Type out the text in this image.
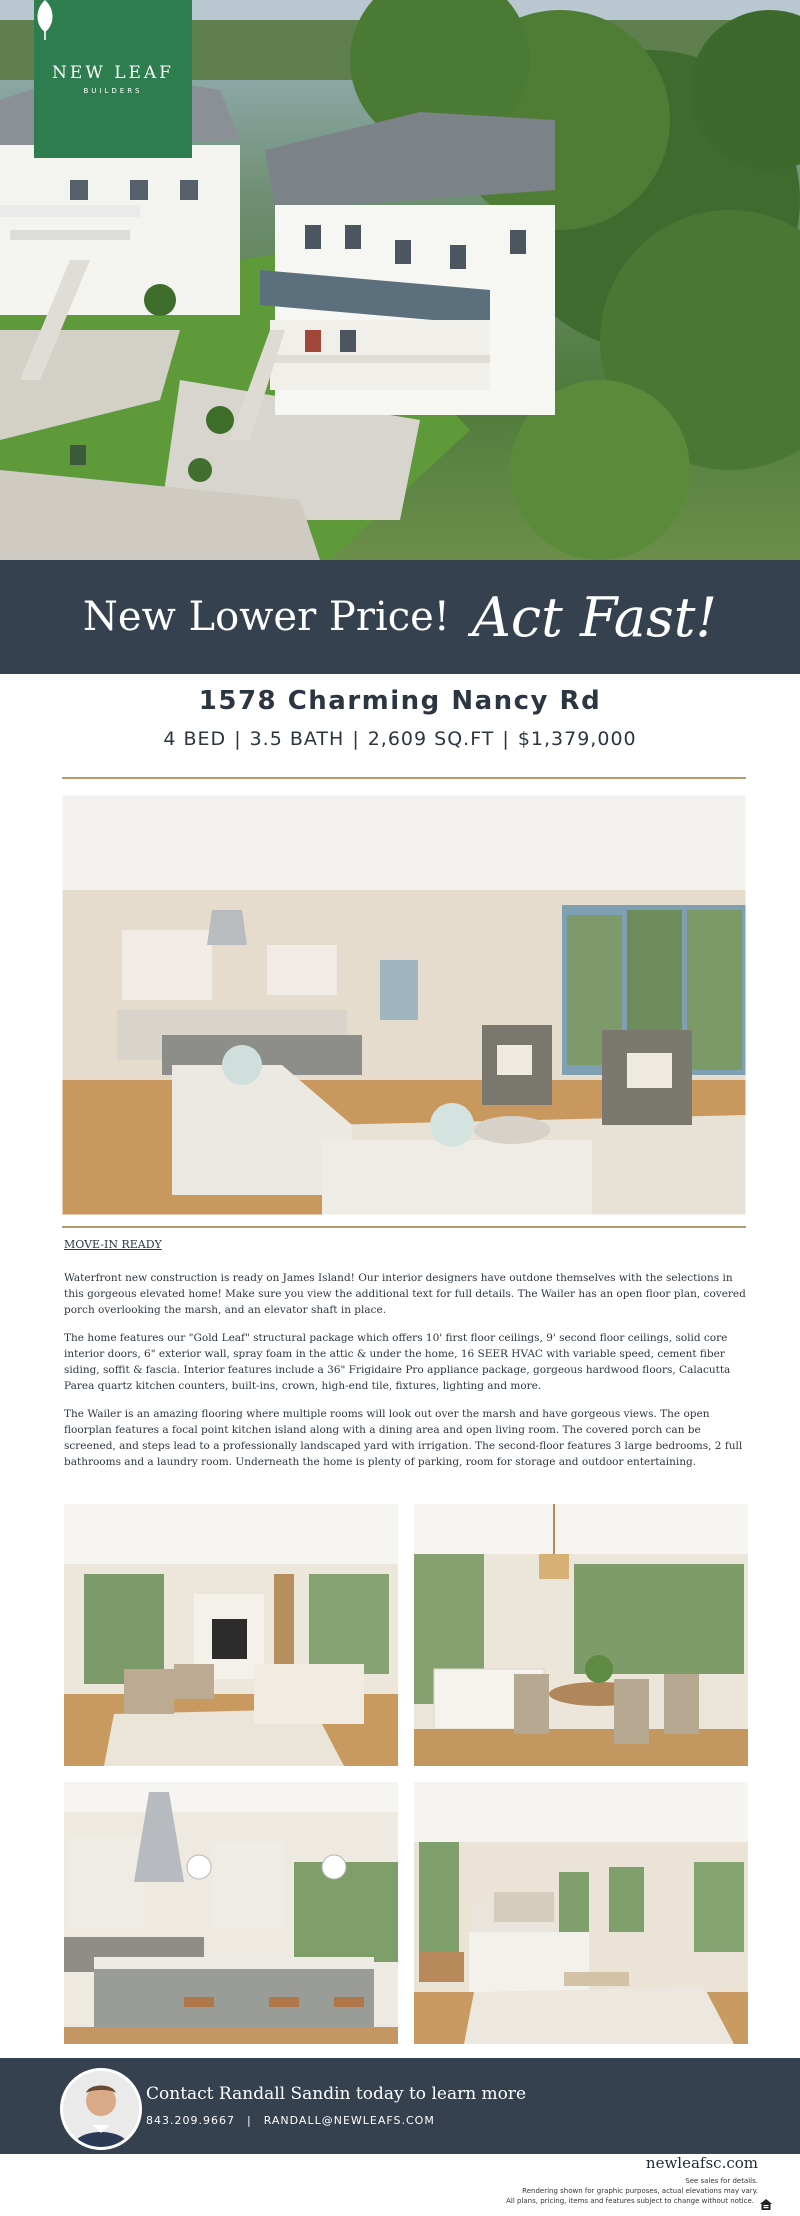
NEW LEAF
BUILDERS
New Lower Price! Act Fast!
1578 Charming Nancy Rd
4 BED | 3.5 BATH | 2,609 SQ.FT | $1,379,000
MOVE-IN READY

Waterfront new construction is ready on James Island! Our interior designers have outdone themselves with the selections in this gorgeous elevated home! Make sure you view the additional text for full details. The Wailer has an open floor plan, covered porch overlooking the marsh, and an elevator shaft in place.

The home features our "Gold Leaf" structural package which offers 10' first floor ceilings, 9' second floor ceilings, solid core interior doors, 6" exterior wall, spray foam in the attic & under the home, 16 SEER HVAC with variable speed, cement fiber siding, soffit & fascia. Interior features include a 36" Frigidaire Pro appliance package, gorgeous hardwood floors, Calacutta Parea quartz kitchen counters, built-ins, crown, high-end tile, fixtures, lighting and more.

The Wailer is an amazing flooring where multiple rooms will look out over the marsh and have gorgeous views. The open floorplan features a focal point kitchen island along with a dining area and open living room. The covered porch can be screened, and steps lead to a professionally landscaped yard with irrigation. The second-floor features 3 large bedrooms, 2 full bathrooms and a laundry room. Underneath the home is plenty of parking, room for storage and outdoor entertaining.

Contact Randall Sandin today to learn more
843.209.9667 | RANDALL@NEWLEAFS.COM
newleafsc.com
See sales for details.
Rendering shown for graphic purposes, actual elevations may vary.
All plans, pricing, items and features subject to change without notice.
